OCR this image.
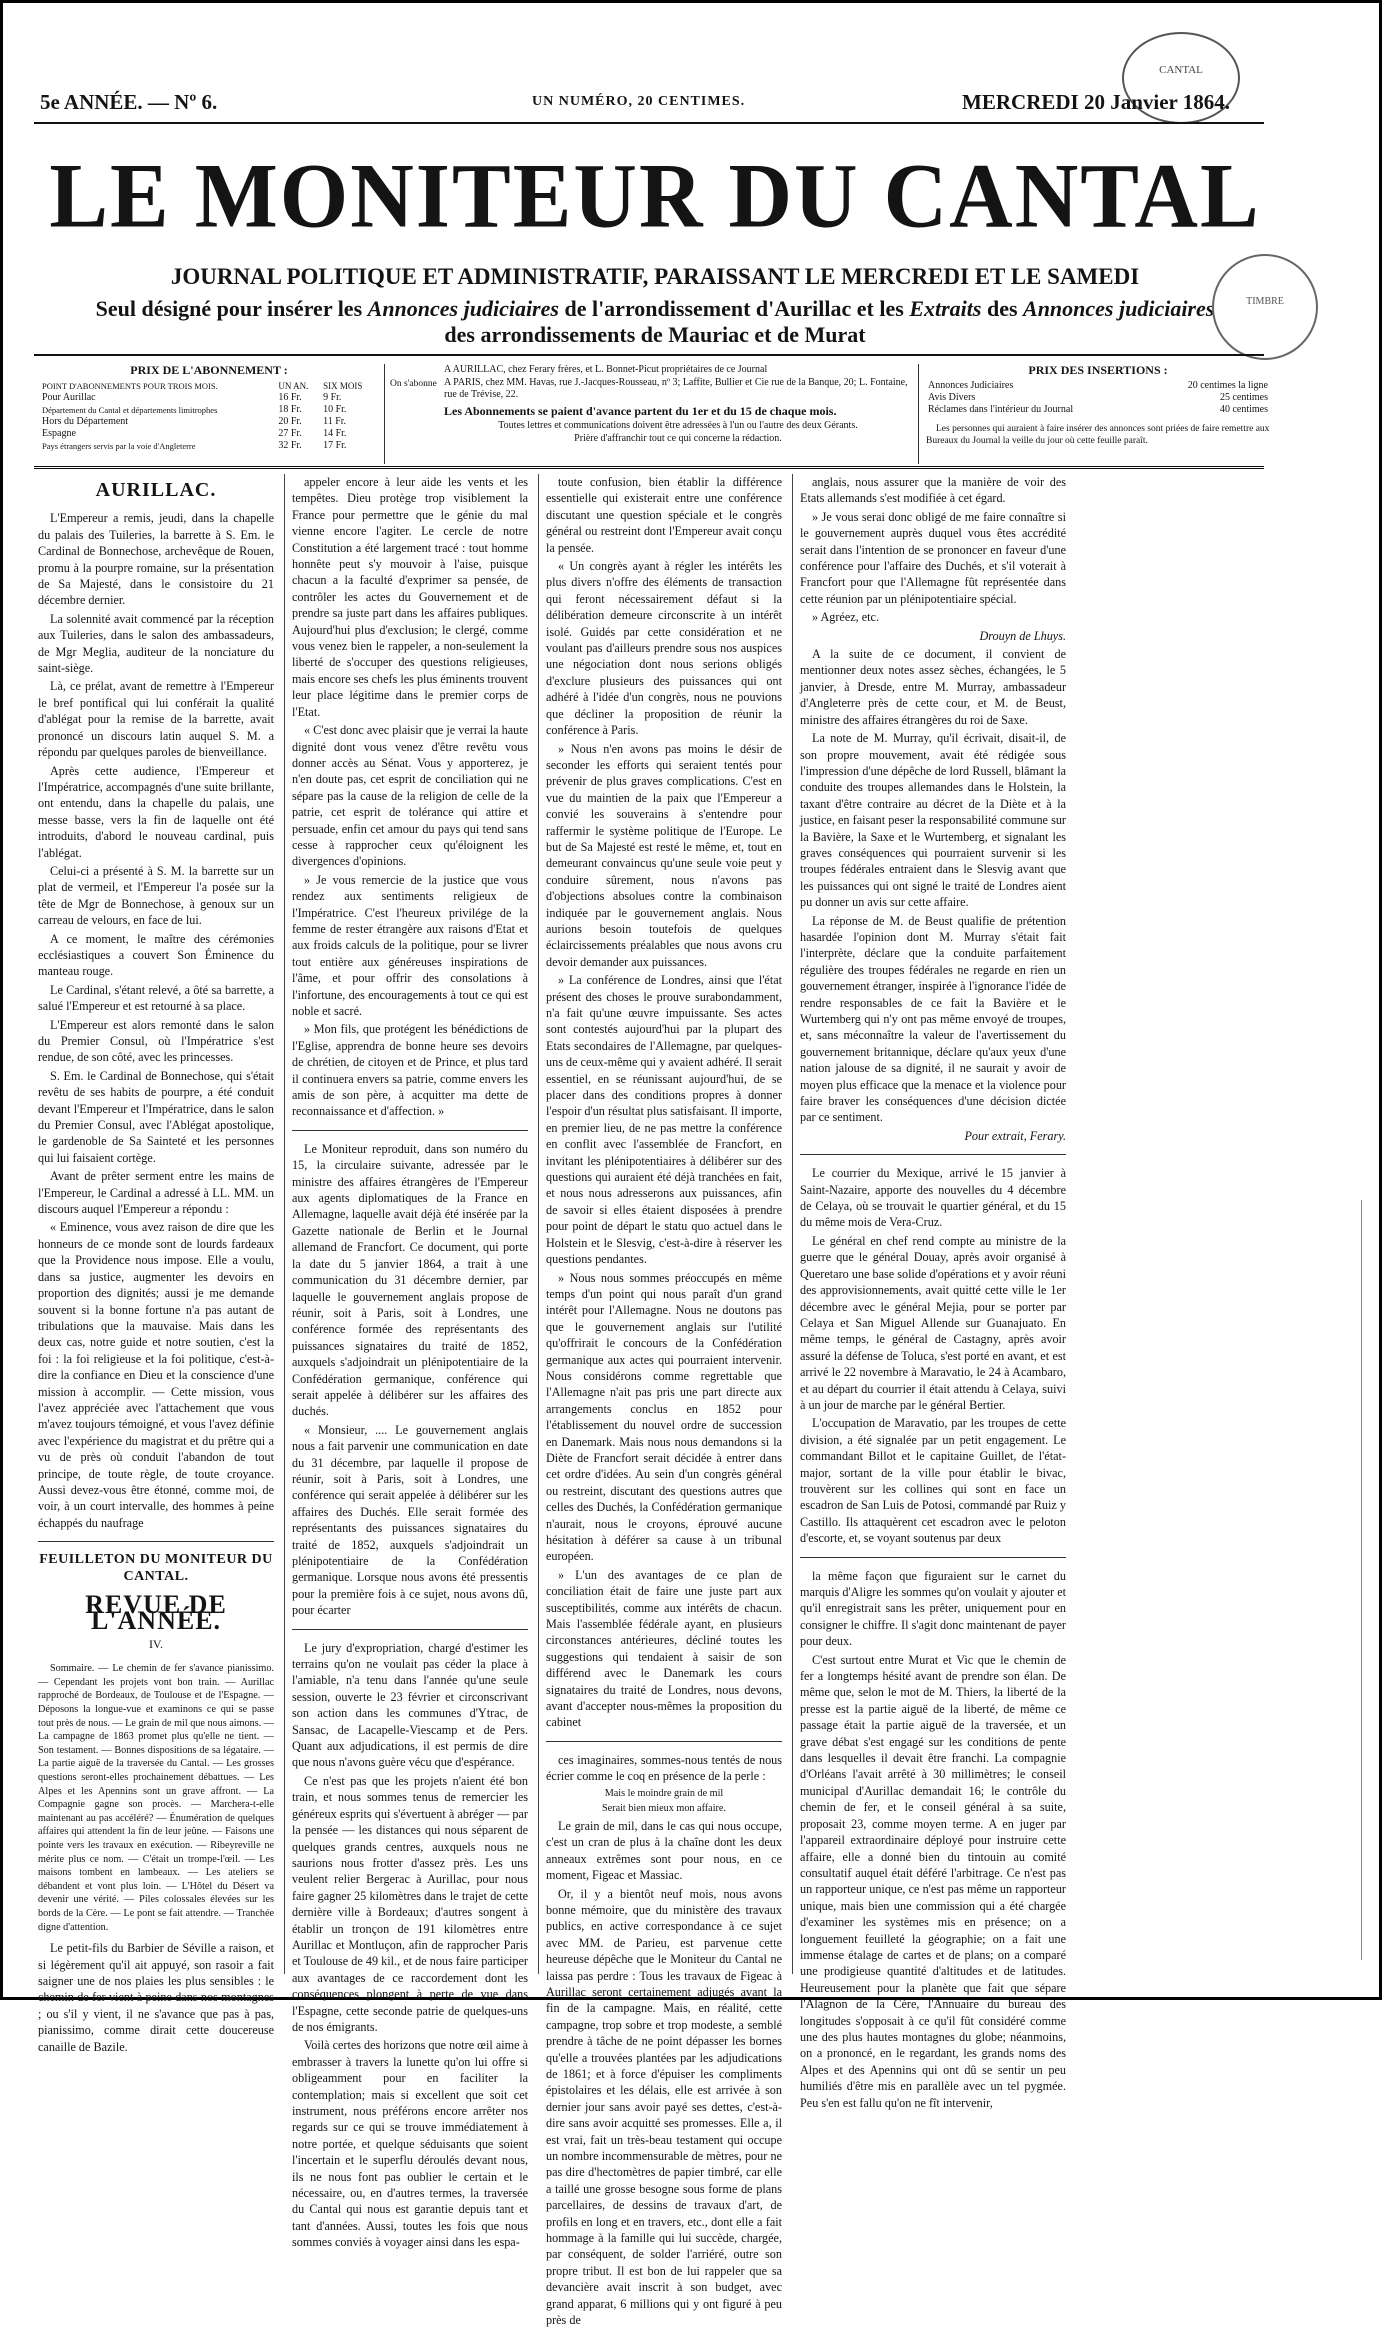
CANTAL
5e ANNÉE. — Nº 6.	UN NUMÉRO, 20 CENTIMES.	MERCREDI 20 Janvier 1864.
LE MONITEUR DU CANTAL
JOURNAL POLITIQUE ET ADMINISTRATIF, PARAISSANT LE MERCREDI ET LE SAMEDI
Seul désigné pour insérer les Annonces judiciaires de l'arrondissement d'Aurillac et les Extraits des Annonces judiciaires
des arrondissements de Mauriac et de Murat
TIMBRE
PRIX DE L'ABONNEMENT :
POINT D'ABONNEMENTS POUR TROIS MOIS.	UN AN.	SIX MOIS
Pour Aurillac	16 Fr.	9 Fr.
Département du Cantal et départements limitrophes	18 Fr.	10 Fr.
Hors du Département	20 Fr.	11 Fr.
Espagne	27 Fr.	14 Fr.
Pays étrangers servis par la voie d'Angleterre	32 Fr.	17 Fr.
On s'abonne
A AURILLAC, chez Ferary frères, et L. Bonnet-Picut propriétaires de ce Journal
A PARIS, chez MM. Havas, rue J.-Jacques-Rousseau, nº 3; Laffite, Bullier et Cie rue de la Banque, 20; L. Fontaine, rue de Trévise, 22.
Les Abonnements se paient d'avance partent du 1er et du 15 de chaque mois.
Toutes lettres et communications doivent être adressées à l'un ou l'autre des deux Gérants.
Prière d'affranchir tout ce qui concerne la rédaction.
PRIX DES INSERTIONS :
Annonces Judiciaires	20 centimes la ligne
Avis Divers	25 centimes
Réclames dans l'intérieur du Journal	40 centimes
Les personnes qui auraient à faire insérer des annonces sont priées de faire remettre aux Bureaux du Journal la veille du jour où cette feuille paraît.
AURILLAC.

L'Empereur a remis, jeudi, dans la chapelle du palais des Tuileries, la barrette à S. Em. le Cardinal de Bonnechose, archevêque de Rouen, promu à la pourpre romaine, sur la présentation de Sa Majesté, dans le consistoire du 21 décembre dernier.

La solennité avait commencé par la réception aux Tuileries, dans le salon des ambassadeurs, de Mgr Meglia, auditeur de la nonciature du saint-siège.

Là, ce prélat, avant de remettre à l'Empereur le bref pontifical qui lui conférait la qualité d'ablégat pour la remise de la barrette, avait prononcé un discours latin auquel S. M. a répondu par quelques paroles de bienveillance.

Après cette audience, l'Empereur et l'Impératrice, accompagnés d'une suite brillante, ont entendu, dans la chapelle du palais, une messe basse, vers la fin de laquelle ont été introduits, d'abord le nouveau cardinal, puis l'ablégat.

Celui-ci a présenté à S. M. la barrette sur un plat de vermeil, et l'Empereur l'a posée sur la tête de Mgr de Bonnechose, à genoux sur un carreau de velours, en face de lui.

A ce moment, le maître des cérémonies ecclésiastiques a couvert Son Éminence du manteau rouge.

Le Cardinal, s'étant relevé, a ôté sa barrette, a salué l'Empereur et est retourné à sa place.

L'Empereur est alors remonté dans le salon du Premier Consul, où l'Impératrice s'est rendue, de son côté, avec les princesses.

S. Em. le Cardinal de Bonnechose, qui s'était revêtu de ses habits de pourpre, a été conduit devant l'Empereur et l'Impératrice, dans le salon du Premier Consul, avec l'Ablégat apostolique, le gardenoble de Sa Sainteté et les personnes qui lui faisaient cortège.

Avant de prêter serment entre les mains de l'Empereur, le Cardinal a adressé à LL. MM. un discours auquel l'Empereur a répondu :

« Eminence, vous avez raison de dire que les honneurs de ce monde sont de lourds fardeaux que la Providence nous impose. Elle a voulu, dans sa justice, augmenter les devoirs en proportion des dignités; aussi je me demande souvent si la bonne fortune n'a pas autant de tribulations que la mauvaise. Mais dans les deux cas, notre guide et notre soutien, c'est la foi : la foi religieuse et la foi politique, c'est-à-dire la confiance en Dieu et la conscience d'une mission à accomplir. — Cette mission, vous l'avez appréciée avec l'attachement que vous m'avez toujours témoigné, et vous l'avez définie avec l'expérience du magistrat et du prêtre qui a vu de près où conduit l'abandon de tout principe, de toute règle, de toute croyance. Aussi devez-vous être étonné, comme moi, de voir, à un court intervalle, des hommes à peine échappés du naufrage

FEUILLETON DU MONITEUR DU CANTAL.
REVUE DE L'ANNÉE.
IV.

Sommaire. — Le chemin de fer s'avance pianissimo. — Cependant les projets vont bon train. — Aurillac rapproché de Bordeaux, de Toulouse et de l'Espagne. — Déposons la longue-vue et examinons ce qui se passe tout près de nous. — Le grain de mil que nous aimons. — La campagne de 1863 promet plus qu'elle ne tient. — Son testament. — Bonnes dispositions de sa légataire. — La partie aiguë de la traversée du Cantal. — Les grosses questions seront-elles prochainement débattues. — Les Alpes et les Apennins sont un grave affront. — La Compagnie gagne son procès. — Marchera-t-elle maintenant au pas accéléré? — Énumération de quelques affaires qui attendent la fin de leur jeûne. — Faisons une pointe vers les travaux en exécution. — Ribeyreville ne mérite plus ce nom. — C'était un trompe-l'œil. — Les maisons tombent en lambeaux. — Les ateliers se débandent et vont plus loin. — L'Hôtel du Désert va devenir une vérité. — Piles colossales élevées sur les bords de la Cère. — Le pont se fait attendre. — Tranchée digne d'attention.

Le petit-fils du Barbier de Séville a raison, et si légèrement qu'il ait appuyé, son rasoir a fait saigner une de nos plaies les plus sensibles : le chemin de fer vient à peine dans nos montagnes ; ou s'il y vient, il ne s'avance que pas à pas, pianissimo, comme dirait cette doucereuse canaille de Bazile.

appeler encore à leur aide les vents et les tempêtes. Dieu protège trop visiblement la France pour permettre que le génie du mal vienne encore l'agiter. Le cercle de notre Constitution a été largement tracé : tout homme honnête peut s'y mouvoir à l'aise, puisque chacun a la faculté d'exprimer sa pensée, de contrôler les actes du Gouvernement et de prendre sa juste part dans les affaires publiques. Aujourd'hui plus d'exclusion; le clergé, comme vous venez bien le rappeler, a non-seulement la liberté de s'occuper des questions religieuses, mais encore ses chefs les plus éminents trouvent leur place légitime dans le premier corps de l'Etat.

« C'est donc avec plaisir que je verrai la haute dignité dont vous venez d'être revêtu vous donner accès au Sénat. Vous y apporterez, je n'en doute pas, cet esprit de conciliation qui ne sépare pas la cause de la religion de celle de la patrie, cet esprit de tolérance qui attire et persuade, enfin cet amour du pays qui tend sans cesse à rapprocher ceux qu'éloignent les divergences d'opinions.

» Je vous remercie de la justice que vous rendez aux sentiments religieux de l'Impératrice. C'est l'heureux privilége de la femme de rester étrangère aux raisons d'Etat et aux froids calculs de la politique, pour se livrer tout entière aux généreuses inspirations de l'âme, et pour offrir des consolations à l'infortune, des encouragements à tout ce qui est noble et sacré.

» Mon fils, que protégent les bénédictions de l'Eglise, apprendra de bonne heure ses devoirs de chrétien, de citoyen et de Prince, et plus tard il continuera envers sa patrie, comme envers les amis de son père, à acquitter ma dette de reconnaissance et d'affection. »

Le Moniteur reproduit, dans son numéro du 15, la circulaire suivante, adressée par le ministre des affaires étrangères de l'Empereur aux agents diplomatiques de la France en Allemagne, laquelle avait déjà été insérée par la Gazette nationale de Berlin et le Journal allemand de Francfort. Ce document, qui porte la date du 5 janvier 1864, a trait à une communication du 31 décembre dernier, par laquelle le gouvernement anglais propose de réunir, soit à Paris, soit à Londres, une conférence formée des représentants des puissances signataires du traité de 1852, auxquels s'adjoindrait un plénipotentiaire de la Confédération germanique, conférence qui serait appelée à délibérer sur les affaires des duchés.

« Monsieur, .... Le gouvernement anglais nous a fait parvenir une communication en date du 31 décembre, par laquelle il propose de réunir, soit à Paris, soit à Londres, une conférence qui serait appelée à délibérer sur les affaires des Duchés. Elle serait formée des représentants des puissances signataires du traité de 1852, auxquels s'adjoindrait un plénipotentiaire de la Confédération germanique. Lorsque nous avons été pressentis pour la première fois à ce sujet, nous avons dû, pour écarter

Le jury d'expropriation, chargé d'estimer les terrains qu'on ne voulait pas céder la place à l'amiable, n'a tenu dans l'année qu'une seule session, ouverte le 23 février et circonscrivant son action dans les communes d'Ytrac, de Sansac, de Lacapelle-Viescamp et de Pers. Quant aux adjudications, il est permis de dire que nous n'avons guère vécu que d'espérance.

Ce n'est pas que les projets n'aient été bon train, et nous sommes tenus de remercier les généreux esprits qui s'évertuent à abréger — par la pensée — les distances qui nous séparent de quelques grands centres, auxquels nous ne saurions nous frotter d'assez près. Les uns veulent relier Bergerac à Aurillac, pour nous faire gagner 25 kilomètres dans le trajet de cette dernière ville à Bordeaux; d'autres songent à établir un tronçon de 191 kilomètres entre Aurillac et Montluçon, afin de rapprocher Paris et Toulouse de 49 kil., et de nous faire participer aux avantages de ce raccordement dont les conséquences plongent à perte de vue dans l'Espagne, cette seconde patrie de quelques-uns de nos émigrants.

Voilà certes des horizons que notre œil aime à embrasser à travers la lunette qu'on lui offre si obligeamment pour en faciliter la contemplation; mais si excellent que soit cet instrument, nous préférons encore arrêter nos regards sur ce qui se trouve immédiatement à notre portée, et quelque séduisants que soient l'incertain et le superflu déroulés devant nous, ils ne nous font pas oublier le certain et le nécessaire, ou, en d'autres termes, la traversée du Cantal qui nous est garantie depuis tant et tant d'années. Aussi, toutes les fois que nous sommes conviés à voyager ainsi dans les espa-

toute confusion, bien établir la différence essentielle qui existerait entre une conférence discutant une question spéciale et le congrès général ou restreint dont l'Empereur avait conçu la pensée.

« Un congrès ayant à régler les intérêts les plus divers n'offre des éléments de transaction qui feront nécessairement défaut si la délibération demeure circonscrite à un intérêt isolé. Guidés par cette considération et ne voulant pas d'ailleurs prendre sous nos auspices une négociation dont nous serions obligés d'exclure plusieurs des puissances qui ont adhéré à l'idée d'un congrès, nous ne pouvions que décliner la proposition de réunir la conférence à Paris.

» Nous n'en avons pas moins le désir de seconder les efforts qui seraient tentés pour prévenir de plus graves complications. C'est en vue du maintien de la paix que l'Empereur a convié les souverains à s'entendre pour raffermir le système politique de l'Europe. Le but de Sa Majesté est resté le même, et, tout en demeurant convaincus qu'une seule voie peut y conduire sûrement, nous n'avons pas d'objections absolues contre la combinaison indiquée par le gouvernement anglais. Nous aurions besoin toutefois de quelques éclaircissements préalables que nous avons cru devoir demander aux puissances.

» La conférence de Londres, ainsi que l'état présent des choses le prouve surabondamment, n'a fait qu'une œuvre impuissante. Ses actes sont contestés aujourd'hui par la plupart des Etats secondaires de l'Allemagne, par quelques-uns de ceux-même qui y avaient adhéré. Il serait essentiel, en se réunissant aujourd'hui, de se placer dans des conditions propres à donner l'espoir d'un résultat plus satisfaisant. Il importe, en premier lieu, de ne pas mettre la conférence en conflit avec l'assemblée de Francfort, en invitant les plénipotentiaires à délibérer sur des questions qui auraient été déjà tranchées en fait, et nous nous adresserons aux puissances, afin de savoir si elles étaient disposées à prendre pour point de départ le statu quo actuel dans le Holstein et le Slesvig, c'est-à-dire à réserver les questions pendantes.

» Nous nous sommes préoccupés en même temps d'un point qui nous paraît d'un grand intérêt pour l'Allemagne. Nous ne doutons pas que le gouvernement anglais sur l'utilité qu'offrirait le concours de la Confédération germanique aux actes qui pourraient intervenir. Nous considérons comme regrettable que l'Allemagne n'ait pas pris une part directe aux arrangements conclus en 1852 pour l'établissement du nouvel ordre de succession en Danemark. Mais nous nous demandons si la Diète de Francfort serait décidée à entrer dans cet ordre d'idées. Au sein d'un congrès général ou restreint, discutant des questions autres que celles des Duchés, la Confédération germanique n'aurait, nous le croyons, éprouvé aucune hésitation à déférer sa cause à un tribunal européen.

» L'un des avantages de ce plan de conciliation était de faire une juste part aux susceptibilités, comme aux intérêts de chacun. Mais l'assemblée fédérale ayant, en plusieurs circonstances antérieures, décliné toutes les suggestions qui tendaient à saisir de son différend avec le Danemark les cours signataires du traité de Londres, nous devons, avant d'accepter nous-mêmes la proposition du cabinet

ces imaginaires, sommes-nous tentés de nous écrier comme le coq en présence de la perle :

Mais le moindre grain de mil

Serait bien mieux mon affaire.

Le grain de mil, dans le cas qui nous occupe, c'est un cran de plus à la chaîne dont les deux anneaux extrêmes sont pour nous, en ce moment, Figeac et Massiac.

Or, il y a bientôt neuf mois, nous avons bonne mémoire, que du ministère des travaux publics, en active correspondance à ce sujet avec MM. de Parieu, est parvenue cette heureuse dépêche que le Moniteur du Cantal ne laissa pas perdre : Tous les travaux de Figeac à Aurillac seront certainement adjugés avant la fin de la campagne. Mais, en réalité, cette campagne, trop sobre et trop modeste, a semblé prendre à tâche de ne point dépasser les bornes qu'elle a trouvées plantées par les adjudications de 1861; et à force d'épuiser les compliments épistolaires et les délais, elle est arrivée à son dernier jour sans avoir payé ses dettes, c'est-à-dire sans avoir acquitté ses promesses. Elle a, il est vrai, fait un très-beau testament qui occupe un nombre incommensurable de mètres, pour ne pas dire d'hectomètres de papier timbré, car elle a taillé une grosse besogne sous forme de plans parcellaires, de dessins de travaux d'art, de profils en long et en travers, etc., dont elle a fait hommage à la famille qui lui succède, chargée, par conséquent, de solder l'arriéré, outre son propre tribut. Il est bon de lui rappeler que sa devancière avait inscrit à son budget, avec grand apparat, 6 millions qui y ont figuré à peu près de

anglais, nous assurer que la manière de voir des Etats allemands s'est modifiée à cet égard.

» Je vous serai donc obligé de me faire connaître si le gouvernement auprès duquel vous êtes accrédité serait dans l'intention de se prononcer en faveur d'une conférence pour l'affaire des Duchés, et s'il voterait à Francfort pour que l'Allemagne fût représentée dans cette réunion par un plénipotentiaire spécial.

» Agréez, etc.

Drouyn de Lhuys.

A la suite de ce document, il convient de mentionner deux notes assez sèches, échangées, le 5 janvier, à Dresde, entre M. Murray, ambassadeur d'Angleterre près de cette cour, et M. de Beust, ministre des affaires étrangères du roi de Saxe.

La note de M. Murray, qu'il écrivait, disait-il, de son propre mouvement, avait été rédigée sous l'impression d'une dépêche de lord Russell, blâmant la conduite des troupes allemandes dans le Holstein, la taxant d'être contraire au décret de la Diète et à la justice, en faisant peser la responsabilité commune sur la Bavière, la Saxe et le Wurtemberg, et signalant les graves conséquences qui pourraient survenir si les troupes fédérales entraient dans le Slesvig avant que les puissances qui ont signé le traité de Londres aient pu donner un avis sur cette affaire.

La réponse de M. de Beust qualifie de prétention hasardée l'opinion dont M. Murray s'était fait l'interprète, déclare que la conduite parfaitement régulière des troupes fédérales ne regarde en rien un gouvernement étranger, inspirée à l'ignorance l'idée de rendre responsables de ce fait la Bavière et le Wurtemberg qui n'y ont pas même envoyé de troupes, et, sans méconnaître la valeur de l'avertissement du gouvernement britannique, déclare qu'aux yeux d'une nation jalouse de sa dignité, il ne saurait y avoir de moyen plus efficace que la menace et la violence pour faire braver les conséquences d'une décision dictée par ce sentiment.

Pour extrait, Ferary.

Le courrier du Mexique, arrivé le 15 janvier à Saint-Nazaire, apporte des nouvelles du 4 décembre de Celaya, où se trouvait le quartier général, et du 15 du même mois de Vera-Cruz.

Le général en chef rend compte au ministre de la guerre que le général Douay, après avoir organisé à Queretaro une base solide d'opérations et y avoir réuni des approvisionnements, avait quitté cette ville le 1er décembre avec le général Mejia, pour se porter par Celaya et San Miguel Allende sur Guanajuato. En même temps, le général de Castagny, après avoir assuré la défense de Toluca, s'est porté en avant, et est arrivé le 22 novembre à Maravatio, le 24 à Acambaro, et au départ du courrier il était attendu à Celaya, suivi à un jour de marche par le général Bertier.

L'occupation de Maravatio, par les troupes de cette division, a été signalée par un petit engagement. Le commandant Billot et le capitaine Guillet, de l'état-major, sortant de la ville pour établir le bivac, trouvèrent sur les collines qui sont en face un escadron de San Luis de Potosi, commandé par Ruiz y Castillo. Ils attaquèrent cet escadron avec le peloton d'escorte, et, se voyant soutenus par deux

la même façon que figuraient sur le carnet du marquis d'Aligre les sommes qu'on voulait y ajouter et qu'il enregistrait sans les prêter, uniquement pour en consigner le chiffre. Il s'agit donc maintenant de payer pour deux.

C'est surtout entre Murat et Vic que le chemin de fer a longtemps hésité avant de prendre son élan. De même que, selon le mot de M. Thiers, la liberté de la presse est la partie aiguë de la liberté, de même ce passage était la partie aiguë de la traversée, et un grave débat s'est engagé sur les conditions de pente dans lesquelles il devait être franchi. La compagnie d'Orléans l'avait arrêté à 30 millimètres; le conseil municipal d'Aurillac demandait 16; le contrôle du chemin de fer, et le conseil général à sa suite, proposait 23, comme moyen terme. A en juger par l'appareil extraordinaire déployé pour instruire cette affaire, elle a donné bien du tintouin au comité consultatif auquel était déféré l'arbitrage. Ce n'est pas un rapporteur unique, ce n'est pas même un rapporteur unique, mais bien une commission qui a été chargée d'examiner les systèmes mis en présence; on a longuement feuilleté la géographie; on a fait une immense étalage de cartes et de plans; on a comparé une prodigieuse quantité d'altitudes et de latitudes. Heureusement pour la planète que fait que sépare l'Alagnon de la Cère, l'Annuaire du bureau des longitudes s'opposait à ce qu'il fût considéré comme une des plus hautes montagnes du globe; néanmoins, on a prononcé, en le regardant, les grands noms des Alpes et des Apennins qui ont dû se sentir un peu humiliés d'être mis en parallèle avec un tel pygmée. Peu s'en est fallu qu'on ne fît intervenir,
